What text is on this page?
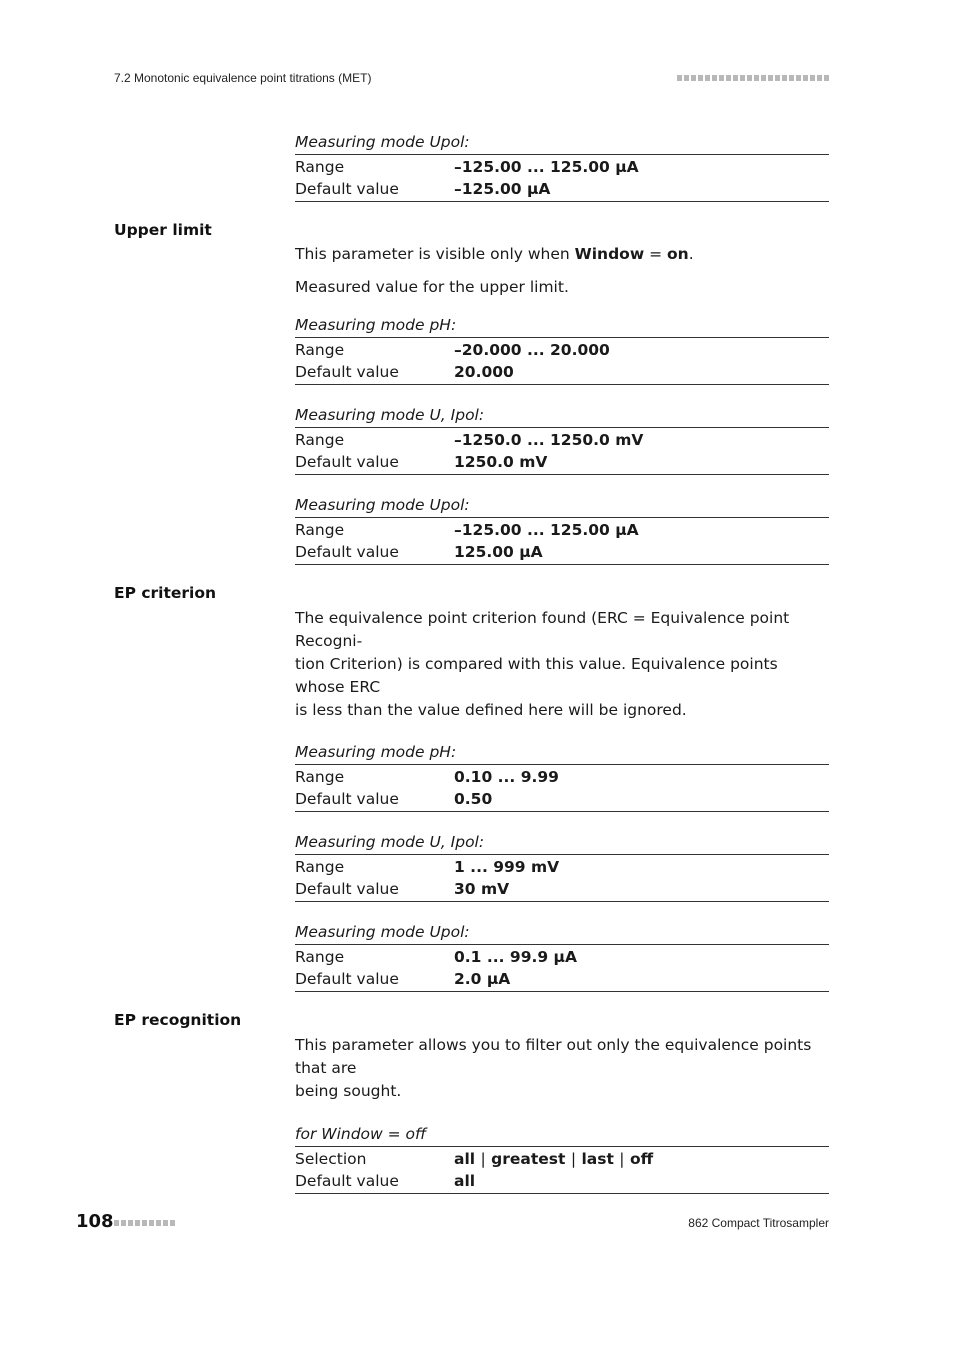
7.2 Monotonic equivalence point titrations (MET)
Measuring mode Upol:
Range	–125.00 ... 125.00 µA
Default value	–125.00 µA
Upper limit

This parameter is visible only when Window = on.

Measured value for the upper limit.

Measuring mode pH:
Range	–20.000 ... 20.000
Default value	20.000
Measuring mode U, Ipol:
Range	–1250.0 ... 1250.0 mV
Default value	1250.0 mV
Measuring mode Upol:
Range	–125.00 ... 125.00 µA
Default value	125.00 µA
EP criterion

The equivalence point criterion found (ERC = Equivalence point Recogni-
tion Criterion) is compared with this value. Equivalence points whose ERC
is less than the value defined here will be ignored.

Measuring mode pH:
Range	0.10 ... 9.99
Default value	0.50
Measuring mode U, Ipol:
Range	1 ... 999 mV
Default value	30 mV
Measuring mode Upol:
Range	0.1 ... 99.9 µA
Default value	2.0 µA
EP recognition

This parameter allows you to filter out only the equivalence points that are
being sought.

for Window = off
Selection	all | greatest | last | off
Default value	all
108	862 Compact Titrosampler
